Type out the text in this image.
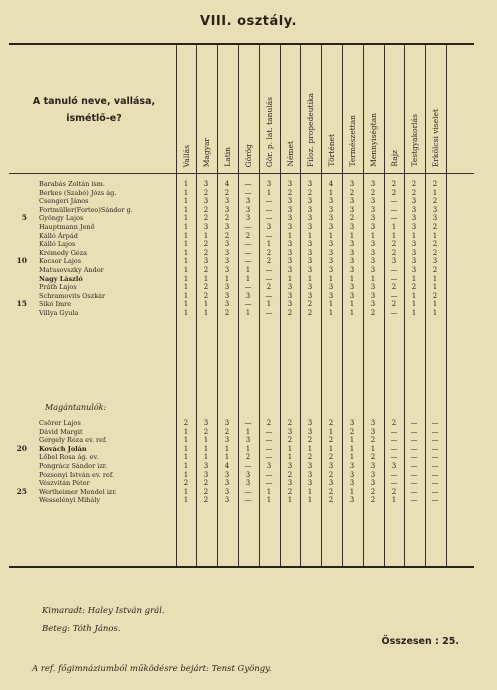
VIII. osztály.
A tanuló neve, vallása, ismétlő-e?
Vallás Magyar Latin Görög Gör. p. lat. tanulás Német Filoz. propedeutika Történet Természettan Mennyiségtan Rajz Testgyakorlás Erkölcsi viselet
Barabás Zoltán ism.	1	3	4	—	3	3	3	4	3	3	2	2	2
Berkes (Szabó) Józs ág.	1	2	2	—	1	2	2	1	2	2	2	2	1
Csengeri János	1	3	3	3	—	3	3	3	3	3	—	3	2
Fortmüller(Forteo)Sándor g.	1	2	3	3	—	3	3	3	3	3	—	3	3
5 Gyöngy Lajos	1	2	2	3	—	3	3	3	2	3	—	3	3
Hauptmann Jenő	1	3	3	—	3	3	3	3	3	3	1	3	2
Kálló Árpád	1	1	2	2	—	1	1	1	1	1	1	1	1
Kálló Lajos	1	2	3	—	1	3	3	3	3	3	2	3	2
Krémedy Géza	1	2	3	—	2	3	3	3	3	3	2	3	2
10 Kocsor Lajos	1	3	3	—	2	3	3	3	3	3	3	3	3
Matusovszky Andor	1	2	3	1	—	3	3	3	3	3	—	3	2
Nagy László	1	1	1	1	—	1	1	1	1	1	—	1	1
Práth Lajos	1	2	3	—	2	3	3	3	3	3	2	2	1
Schramovits Oszkár	1	2	3	3	—	3	3	3	3	3	—	1	2
15 Sikó Imre	1	1	3	—	1	3	2	1	1	3	2	1	1
Villya Gyula	1	1	2	1	—	2	2	1	1	2	—	1	1
Magántanulók:
Csörer Lajos	2	3	3	—	2	2	3	2	3	3	2	—	—
Dávid Margit	1	2	2	1	—	3	3	1	2	3	—	—	—
Gergely Róza ev. ref.	1	1	3	3	—	2	2	2	1	2	—	—	—
20 Kovách Jolán	1	1	1	1	—	1	1	1	1	1	—	—	—
Lőbel Rosa ág. ev.	1	1	1	2	—	1	2	2	1	2	—	—	—
Pongrácz Sándor izr.	1	3	4	—	3	3	3	3	3	3	3	—	—
Pozsonyi István ev. ref.	1	3	3	3	—	2	3	2	3	3	—	—	—
Vészvitán Péter	2	2	3	3	—	3	3	3	3	3	—	—	—
25 Wertheimer Mendel izr.	1	2	3	—	1	2	1	2	1	2	2	—	—
Wesselényi Mihály	1	2	3	—	1	1	1	2	3	2	1	—	—
Kimaradt: Haley István grál.
Beteg: Tóth János.
Összesen : 25.
A ref. főgimnáziumból működésre bejárt: Tenst Gyöngy.
